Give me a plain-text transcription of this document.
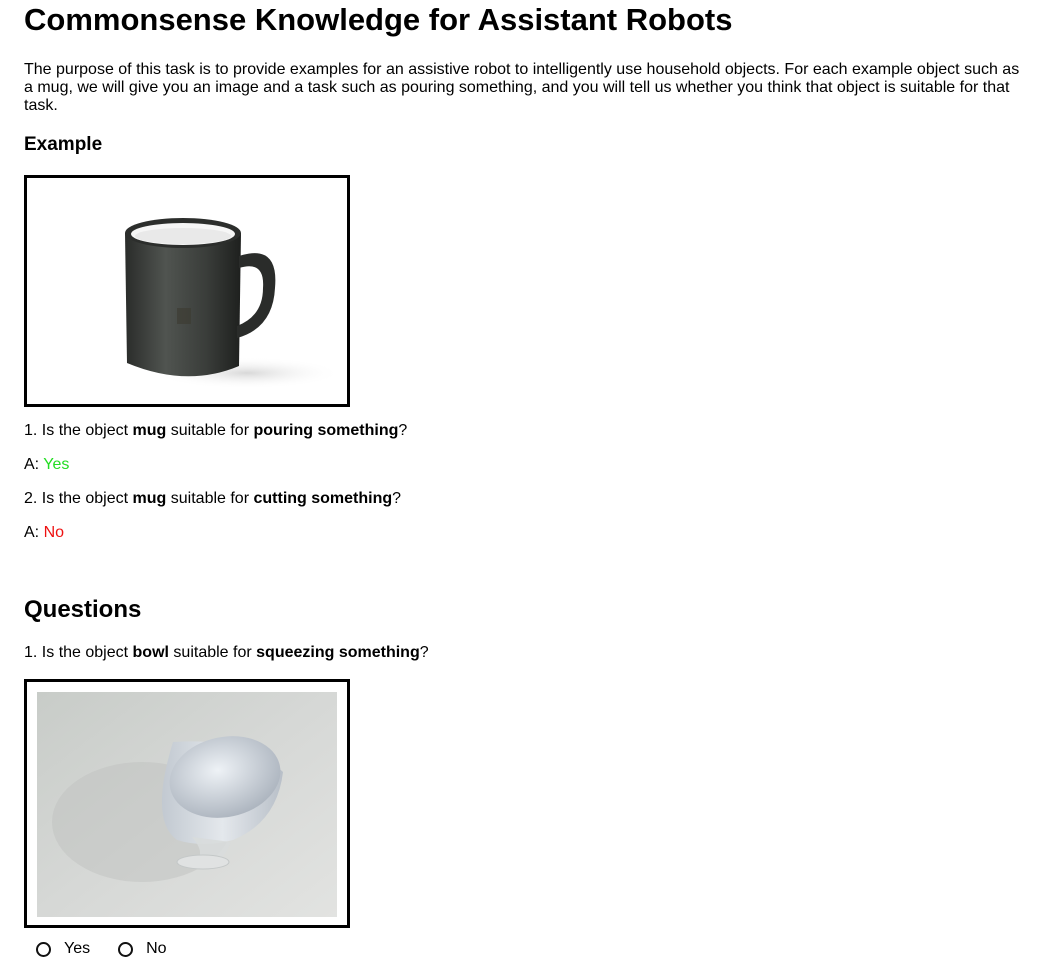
Commonsense Knowledge for Assistant Robots

The purpose of this task is to provide examples for an assistive robot to intelligently use household objects. For each example object such as a mug, we will give you an image and a task such as pouring something, and you will tell us whether you think that object is suitable for that task.

Example

1. Is the object mug suitable for pouring something?

A: Yes

2. Is the object mug suitable for cutting something?

A: No

Questions

1. Is the object bowl suitable for squeezing something?

Yes	No
